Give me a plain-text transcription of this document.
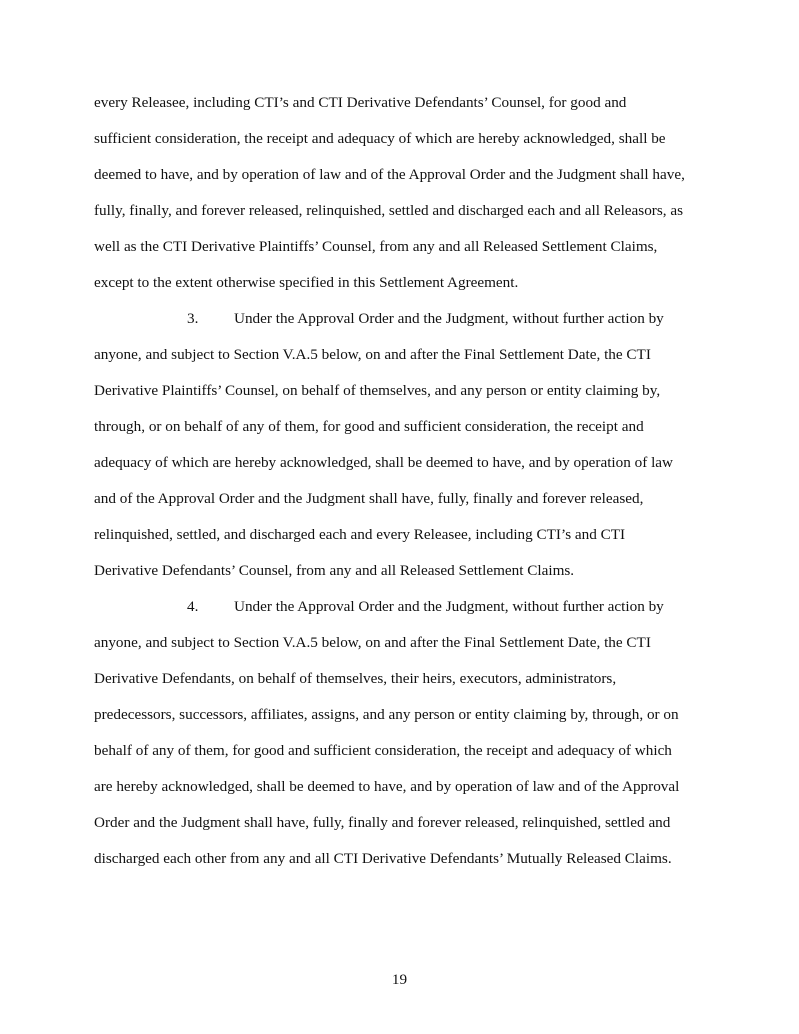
every Releasee, including CTI’s and CTI Derivative Defendants’ Counsel, for good and
sufficient consideration, the receipt and adequacy of which are hereby acknowledged, shall be
deemed to have, and by operation of law and of the Approval Order and the Judgment shall have,
fully, finally, and forever released, relinquished, settled and discharged each and all Releasors, as
well as the CTI Derivative Plaintiffs’ Counsel, from any and all Released Settlement Claims,
except to the extent otherwise specified in this Settlement Agreement.
3. Under the Approval Order and the Judgment, without further action by
anyone, and subject to Section V.A.5 below, on and after the Final Settlement Date, the CTI
Derivative Plaintiffs’ Counsel, on behalf of themselves, and any person or entity claiming by,
through, or on behalf of any of them, for good and sufficient consideration, the receipt and
adequacy of which are hereby acknowledged, shall be deemed to have, and by operation of law
and of the Approval Order and the Judgment shall have, fully, finally and forever released,
relinquished, settled, and discharged each and every Releasee, including CTI’s and CTI
Derivative Defendants’ Counsel, from any and all Released Settlement Claims.
4. Under the Approval Order and the Judgment, without further action by
anyone, and subject to Section V.A.5 below, on and after the Final Settlement Date, the CTI
Derivative Defendants, on behalf of themselves, their heirs, executors, administrators,
predecessors, successors, affiliates, assigns, and any person or entity claiming by, through, or on
behalf of any of them, for good and sufficient consideration, the receipt and adequacy of which
are hereby acknowledged, shall be deemed to have, and by operation of law and of the Approval
Order and the Judgment shall have, fully, finally and forever released, relinquished, settled and
discharged each other from any and all CTI Derivative Defendants’ Mutually Released Claims.
19
